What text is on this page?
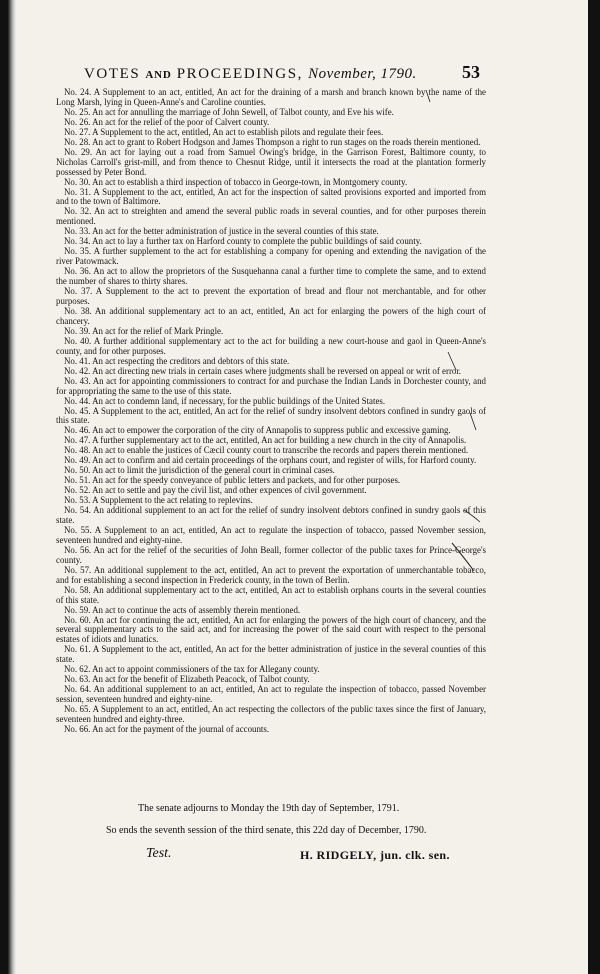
VOTES AND PROCEEDINGS, November, 1790.	53
No. 24. A Supplement to an act, entitled, An act for the draining of a marsh and branch known by the name of the Long Marsh, lying in Queen-Anne's and Caroline counties.
No. 25. An act for annulling the marriage of John Sewell, of Talbot county, and Eve his wife.
No. 26. An act for the relief of the poor of Calvert county.
No. 27. A Supplement to the act, entitled, An act to establish pilots and regulate their fees.
No. 28. An act to grant to Robert Hodgson and James Thompson a right to run stages on the roads therein mentioned.
No. 29. An act for laying out a road from Samuel Owing's bridge, in the Garrison Forest, Baltimore county, to Nicholas Carroll's grist-mill, and from thence to Chesnut Ridge, until it intersects the road at the plantation formerly possessed by Peter Bond.
No. 30. An act to establish a third inspection of tobacco in George-town, in Montgomery county.
No. 31. A Supplement to the act, entitled, An act for the inspection of salted provisions exported and imported from and to the town of Baltimore.
No. 32. An act to streighten and amend the several public roads in several counties, and for other purposes therein mentioned.
No. 33. An act for the better administration of justice in the several counties of this state.
No. 34. An act to lay a further tax on Harford county to complete the public buildings of said county.
No. 35. A further supplement to the act for establishing a company for opening and extending the navigation of the river Patowmack.
No. 36. An act to allow the proprietors of the Susquehanna canal a further time to complete the same, and to extend the number of shares to thirty shares.
No. 37. A Supplement to the act to prevent the exportation of bread and flour not merchantable, and for other purposes.
No. 38. An additional supplementary act to an act, entitled, An act for enlarging the powers of the high court of chancery.
No. 39. An act for the relief of Mark Pringle.
No. 40. A further additional supplementary act to the act for building a new court-house and gaol in Queen-Anne's county, and for other purposes.
No. 41. An act respecting the creditors and debtors of this state.
No. 42. An act directing new trials in certain cases where judgments shall be reversed on appeal or writ of error.
No. 43. An act for appointing commissioners to contract for and purchase the Indian Lands in Dorchester county, and for appropriating the same to the use of this state.
No. 44. An act to condemn land, if necessary, for the public buildings of the United States.
No. 45. A Supplement to the act, entitled, An act for the relief of sundry insolvent debtors confined in sundry gaols of this state.
No. 46. An act to empower the corporation of the city of Annapolis to suppress public and excessive gaming.
No. 47. A further supplementary act to the act, entitled, An act for building a new church in the city of Annapolis.
No. 48. An act to enable the justices of Cæcil county court to transcribe the records and papers therein mentioned.
No. 49. An act to confirm and aid certain proceedings of the orphans court, and register of wills, for Harford county.
No. 50. An act to limit the jurisdiction of the general court in criminal cases.
No. 51. An act for the speedy conveyance of public letters and packets, and for other purposes.
No. 52. An act to settle and pay the civil list, and other expences of civil government.
No. 53. A Supplement to the act relating to replevins.
No. 54. An additional supplement to an act for the relief of sundry insolvent debtors confined in sundry gaols of this state.
No. 55. A Supplement to an act, entitled, An act to regulate the inspection of tobacco, passed November session, seventeen hundred and eighty-nine.
No. 56. An act for the relief of the securities of John Beall, former collector of the public taxes for Prince-George's county.
No. 57. An additional supplement to the act, entitled, An act to prevent the exportation of unmerchantable tobacco, and for establishing a second inspection in Frederick county, in the town of Berlin.
No. 58. An additional supplementary act to the act, entitled, An act to establish orphans courts in the several counties of this state.
No. 59. An act to continue the acts of assembly therein mentioned.
No. 60. An act for continuing the act, entitled, An act for enlarging the powers of the high court of chancery, and the several supplementary acts to the said act, and for increasing the power of the said court with respect to the personal estates of idiots and lunatics.
No. 61. A Supplement to the act, entitled, An act for the better administration of justice in the several counties of this state.
No. 62. An act to appoint commissioners of the tax for Allegany county.
No. 63. An act for the benefit of Elizabeth Peacock, of Talbot county.
No. 64. An additional supplement to an act, entitled, An act to regulate the inspection of tobacco, passed November session, seventeen hundred and eighty-nine.
No. 65. A Supplement to an act, entitled, An act respecting the collectors of the public taxes since the first of January, seventeen hundred and eighty-three.
No. 66. An act for the payment of the journal of accounts.
The senate adjourns to Monday the 19th day of September, 1791.
So ends the seventh session of the third senate, this 22d day of December, 1790.
Test.	H. RIDGELY, jun. clk. sen.
